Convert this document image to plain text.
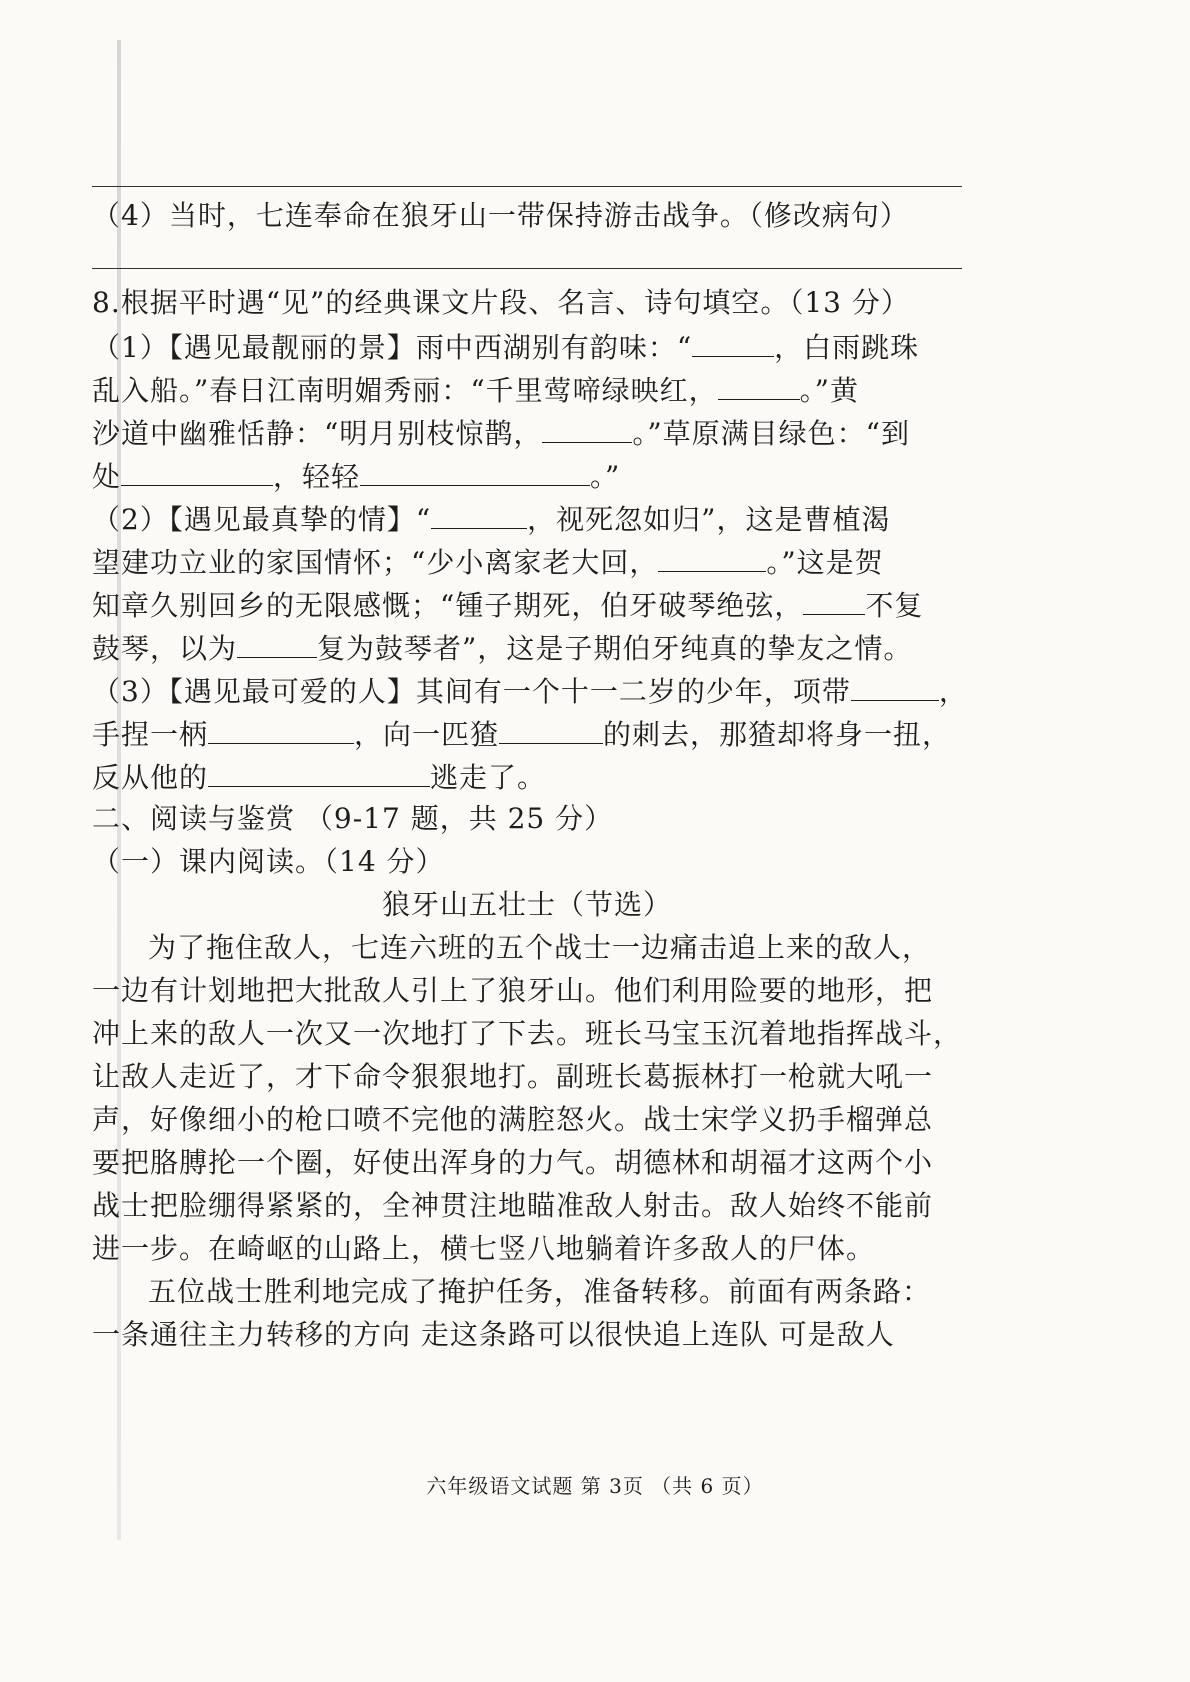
（4）当时，七连奉命在狼牙山一带保持游击战争。（修改病句）
8.根据平时遇“见”的经典课文片段、名言、诗句填空。（13 分）
（1）【遇见最靓丽的景】雨中西湖别有韵味：“	，白雨跳珠
乱入船。”春日江南明媚秀丽：“千里莺啼绿映红，	。”黄
沙道中幽雅恬静：“明月别枝惊鹊，	。”草原满目绿色：“到
处	，轻轻	。”
（2）【遇见最真挚的情】“	，视死忽如归”，这是曹植渴
望建功立业的家国情怀；“少小离家老大回，	。”这是贺
知章久别回乡的无限感慨；“锺子期死，伯牙破琴绝弦， 不复
鼓琴，以为	复为鼓琴者”，这是子期伯牙纯真的挚友之情。
（3）【遇见最可爱的人】其间有一个十一二岁的少年，项带	，
手捏一柄	，向一匹猹	的刺去，那猹却将身一扭，
反从他的	逃走了。
二、阅读与鉴赏 （9-17 题，共 25 分）
（一）课内阅读。（14 分）
狼牙山五壮士（节选）
为了拖住敌人，七连六班的五个战士一边痛击追上来的敌人，
一边有计划地把大批敌人引上了狼牙山。他们利用险要的地形，把
冲上来的敌人一次又一次地打了下去。班长马宝玉沉着地指挥战斗，
让敌人走近了，才下命令狠狠地打。副班长葛振林打一枪就大吼一
声，好像细小的枪口喷不完他的满腔怒火。战士宋学义扔手榴弹总
要把胳膊抡一个圈，好使出浑身的力气。胡德林和胡福才这两个小
战士把脸绷得紧紧的，全神贯注地瞄准敌人射击。敌人始终不能前
进一步。在崎岖的山路上，横七竖八地躺着许多敌人的尸体。
五位战士胜利地完成了掩护任务，准备转移。前面有两条路：
一条通往主力转移的方向 走这条路可以很快追上连队 可是敌人
六年级语文试题 第 3页 （共 6 页）
